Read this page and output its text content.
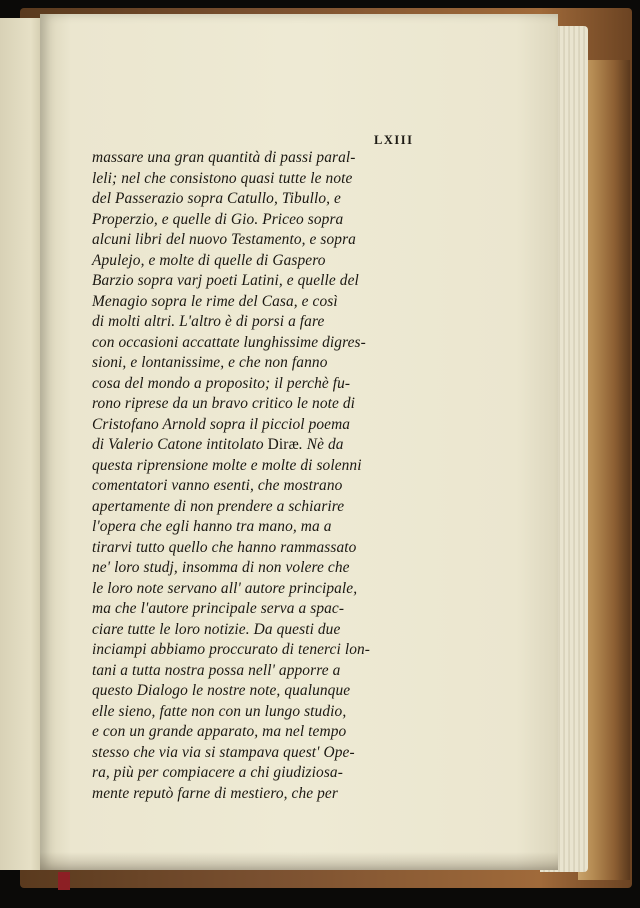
LXIII
massare una gran quantità di passi paral-
leli; nel che consistono quasi tutte le note
del Passerazio sopra Catullo, Tibullo, e
Properzio, e quelle di Gio. Priceo sopra
alcuni libri del nuovo Testamento, e sopra
Apulejo, e molte di quelle di Gaspero
Barzio sopra varj poeti Latini, e quelle del
Menagio sopra le rime del Casa, e così
di molti altri. L'altro è di porsi a fare
con occasioni accattate lunghissime digres-
sioni, e lontanissime, e che non fanno
cosa del mondo a proposito; il perchè fu-
rono riprese da un bravo critico le note di
Cristofano Arnold sopra il picciol poema
di Valerio Catone intitolato Diræ. Nè da
questa riprensione molte e molte di solenni
comentatori vanno esenti, che mostrano
apertamente di non prendere a schiarire
l'opera che egli hanno tra mano, ma a
tirarvi tutto quello che hanno rammassato
ne' loro studj, insomma di non volere che
le loro note servano all' autore principale,
ma che l'autore principale serva a spac-
ciare tutte le loro notizie. Da questi due
inciampi abbiamo proccurato di tenerci lon-
tani a tutta nostra possa nell' apporre a
questo Dialogo le nostre note, qualunque
elle sieno, fatte non con un lungo studio,
e con un grande apparato, ma nel tempo
stesso che via via si stampava quest' Ope-
ra, più per compiacere a chi giudiziosa-
mente reputò farne di mestiero, che per
